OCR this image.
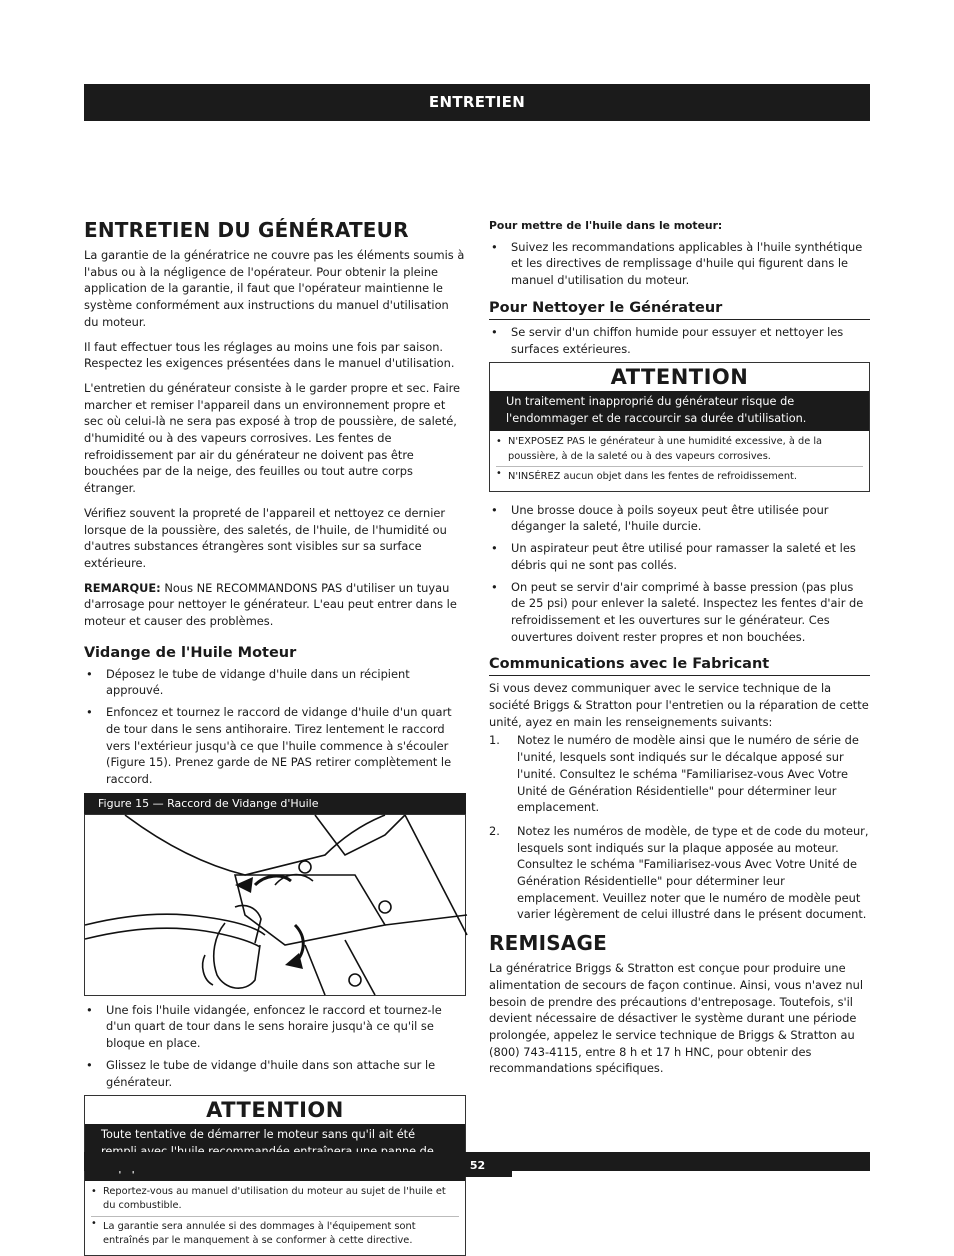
ENTRETIEN
ENTRETIEN DU GÉNÉRATEUR

La garantie de la génératrice ne couvre pas les éléments soumis à l'abus ou à la négligence de l'opérateur. Pour obtenir la pleine application de la garantie, il faut que l'opérateur maintienne le système conformément aux instructions du manuel d'utilisation du moteur.

Il faut effectuer tous les réglages au moins une fois par saison. Respectez les exigences présentées dans le manuel d'utilisation.

L'entretien du générateur consiste à le garder propre et sec. Faire marcher et remiser l'appareil dans un environnement propre et sec où celui-là ne sera pas exposé à trop de poussière, de saleté, d'humidité ou à des vapeurs corrosives. Les fentes de refroidissement par air du générateur ne doivent pas être bouchées par de la neige, des feuilles ou tout autre corps étranger.

Vérifiez souvent la propreté de l'appareil et nettoyez ce dernier lorsque de la poussière, des saletés, de l'huile, de l'humidité ou d'autres substances étrangères sont visibles sur sa surface extérieure.

REMARQUE: Nous NE RECOMMANDONS PAS d'utiliser un tuyau d'arrosage pour nettoyer le générateur. L'eau peut entrer dans le moteur et causer des problèmes.

Vidange de l'Huile Moteur
• Déposez le tube de vidange d'huile dans un récipient approuvé.
• Enfoncez et tournez le raccord de vidange d'huile d'un quart de tour dans le sens antihoraire. Tirez lentement le raccord vers l'extérieur jusqu'à ce que l'huile commence à s'écouler (Figure 15). Prenez garde de NE PAS retirer complètement le raccord.
Figure 15 — Raccord de Vidange d'Huile
• Une fois l'huile vidangée, enfoncez le raccord et tournez-le d'un quart de tour dans le sens horaire jusqu'à ce qu'il se bloque en place.
• Glissez le tube de vidange d'huile dans son attache sur le générateur.
ATTENTION
Toute tentative de démarrer le moteur sans qu'il ait été
• Reportez-vous au manuel d'utilisation du moteur au sujet de l'huile et du combustible.
• La garantie sera annulée si des dommages à l'équipement sont entraînés par le manquement à se conformer à cette directive.

Pour mettre de l'huile dans le moteur:

• Suivez les recommandations applicables à l'huile synthétique et les directives de remplissage d'huile qui figurent dans le manuel d'utilisation du moteur.
Pour Nettoyer le Générateur
• Se servir d'un chiffon humide pour essuyer et nettoyer les surfaces extérieures.
ATTENTION
Un traitement inapproprié du générateur risque de l'endommager et de raccourcir sa durée d'utilisation.
• N'EXPOSEZ PAS le générateur à une humidité excessive, à de la poussière, à de la saleté ou à des vapeurs corrosives.
• N'INSÉREZ aucun objet dans les fentes de refroidissement.
• Une brosse douce à poils soyeux peut être utilisée pour déganger la saleté, l'huile durcie.
• Un aspirateur peut être utilisé pour ramasser la saleté et les débris qui ne sont pas collés.
• On peut se servir d'air comprimé à basse pression (pas plus de 25 psi) pour enlever la saleté. Inspectez les fentes d'air de refroidissement et les ouvertures sur le générateur. Ces ouvertures doivent rester propres et non bouchées.
Communications avec le Fabricant

Si vous devez communiquer avec le service technique de la société Briggs & Stratton pour l'entretien ou la réparation de cette unité, ayez en main les renseignements suivants:

1. Notez le numéro de modèle ainsi que le numéro de série de l'unité, lesquels sont indiqués sur le décalque apposé sur l'unité. Consultez le schéma "Familiarisez-vous Avec Votre Unité de Génération Résidentielle" pour déterminer leur emplacement.
2. Notez les numéros de modèle, de type et de code du moteur, lesquels sont indiqués sur la plaque apposée au moteur. Consultez le schéma "Familiarisez-vous Avec Votre Unité de Génération Résidentielle" pour déterminer leur emplacement. Veuillez noter que le numéro de modèle peut varier légèrement de celui illustré dans le présent document.
REMISAGE

La génératrice Briggs & Stratton est conçue pour produire une alimentation de secours de façon continue. Ainsi, vous n'avez nul besoin de prendre des précautions d'entreposage. Toutefois, s'il devient nécessaire de désactiver le système durant une période prolongée, appelez le service technique de Briggs & Stratton au (800) 743-4115, entre 8 h et 17 h HNC, pour obtenir des recommandations spécifiques.

52
